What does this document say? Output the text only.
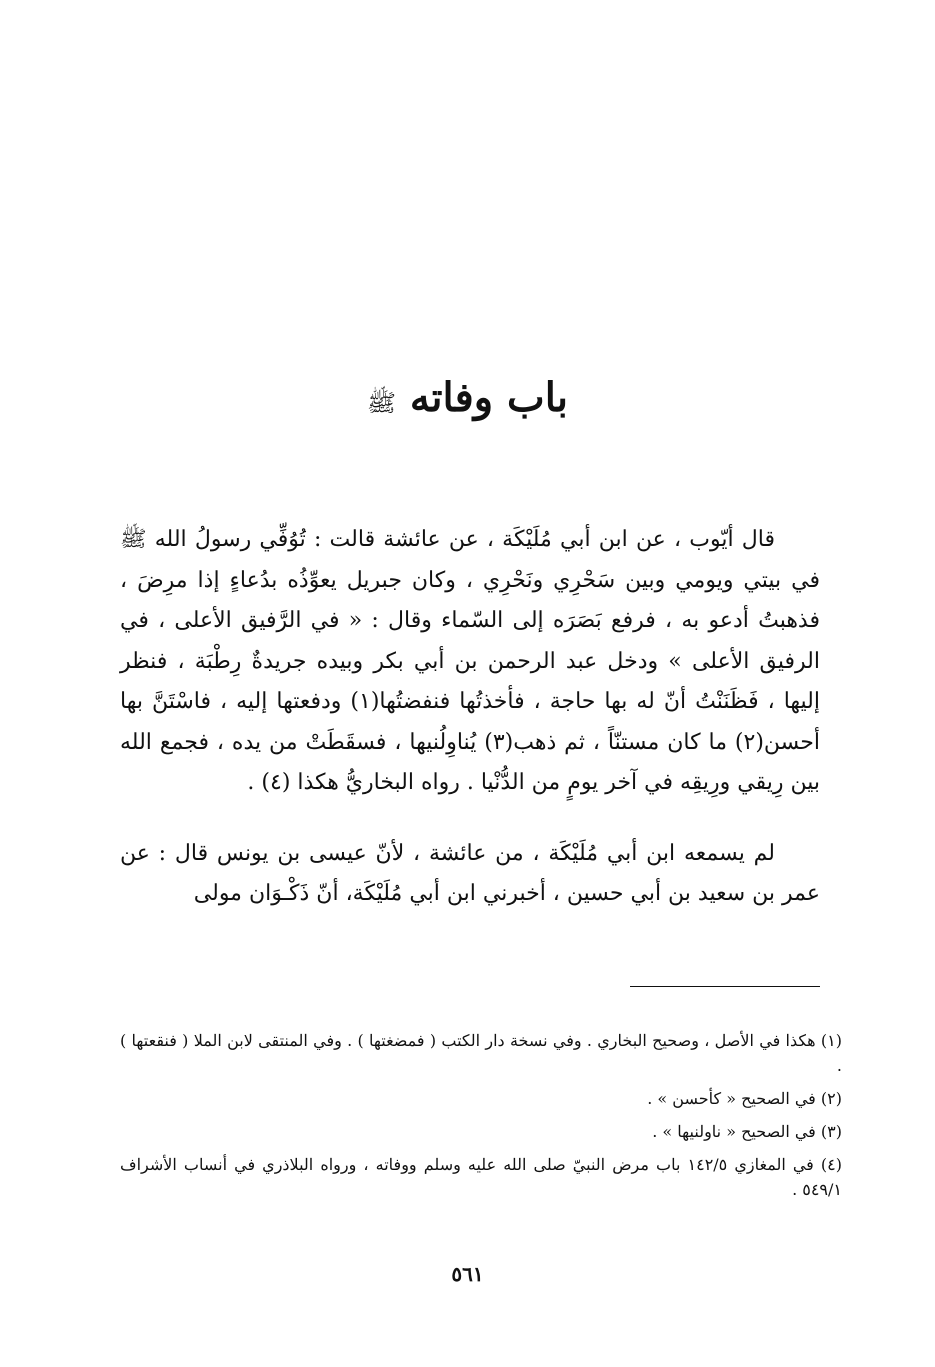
باب وفاته ﷺ

قال أيّوب ، عن ابن أبي مُلَيْكَة ، عن عائشة قالت : تُوُفِّي رسولُ الله ﷺ في بيتي ويومي وبين سَحْرِي ونَحْرِي ، وكان جبريل يعوِّذُه بدُعاءٍ إذا مرِضَ ، فذهبتُ أدعو به ، فرفع بَصَرَه إلى السّماء وقال : « في الرَّفيق الأعلى ، في الرفيق الأعلى » ودخل عبد الرحمن بن أبي بكر وبيده جريدةٌ رِطْبَة ، فنظر إليها ، فَظَنَنْتُ أنّ له بها حاجة ، فأخذتُها فنفضتُها(١) ودفعتها إليه ، فاسْتَنَّ بها أحسن(٢) ما كان مستنّاً ، ثم ذهب(٣) يُناوِلُنيها ، فسقَطَتْ من يده ، فجمع الله بين رِيقي ورِيقِه في آخر يومٍ من الدُّنْيا . رواه البخاريُّ هكذا (٤) .

لم يسمعه ابن أبي مُلَيْكَة ، من عائشة ، لأنّ عيسى بن يونس قال : عن عمر بن سعيد بن أبي حسين ، أخبرني ابن أبي مُلَيْكَة، أنّ ذَكْـوَان مولى

(١) هكذا في الأصل ، وصحيح البخاري . وفي نسخة دار الكتب ( فمضغتها ) . وفي المنتقى لابن الملا ( فنقعتها ) .

(٢) في الصحيح « كأحسن » .

(٣) في الصحيح « ناولنيها » .

(٤) في المغازي ١٤٢/٥ باب مرض النبيّ صلى الله عليه وسلم ووفاته ، ورواه البلاذري في أنساب الأشراف ٥٤٩/١ .

٥٦١
